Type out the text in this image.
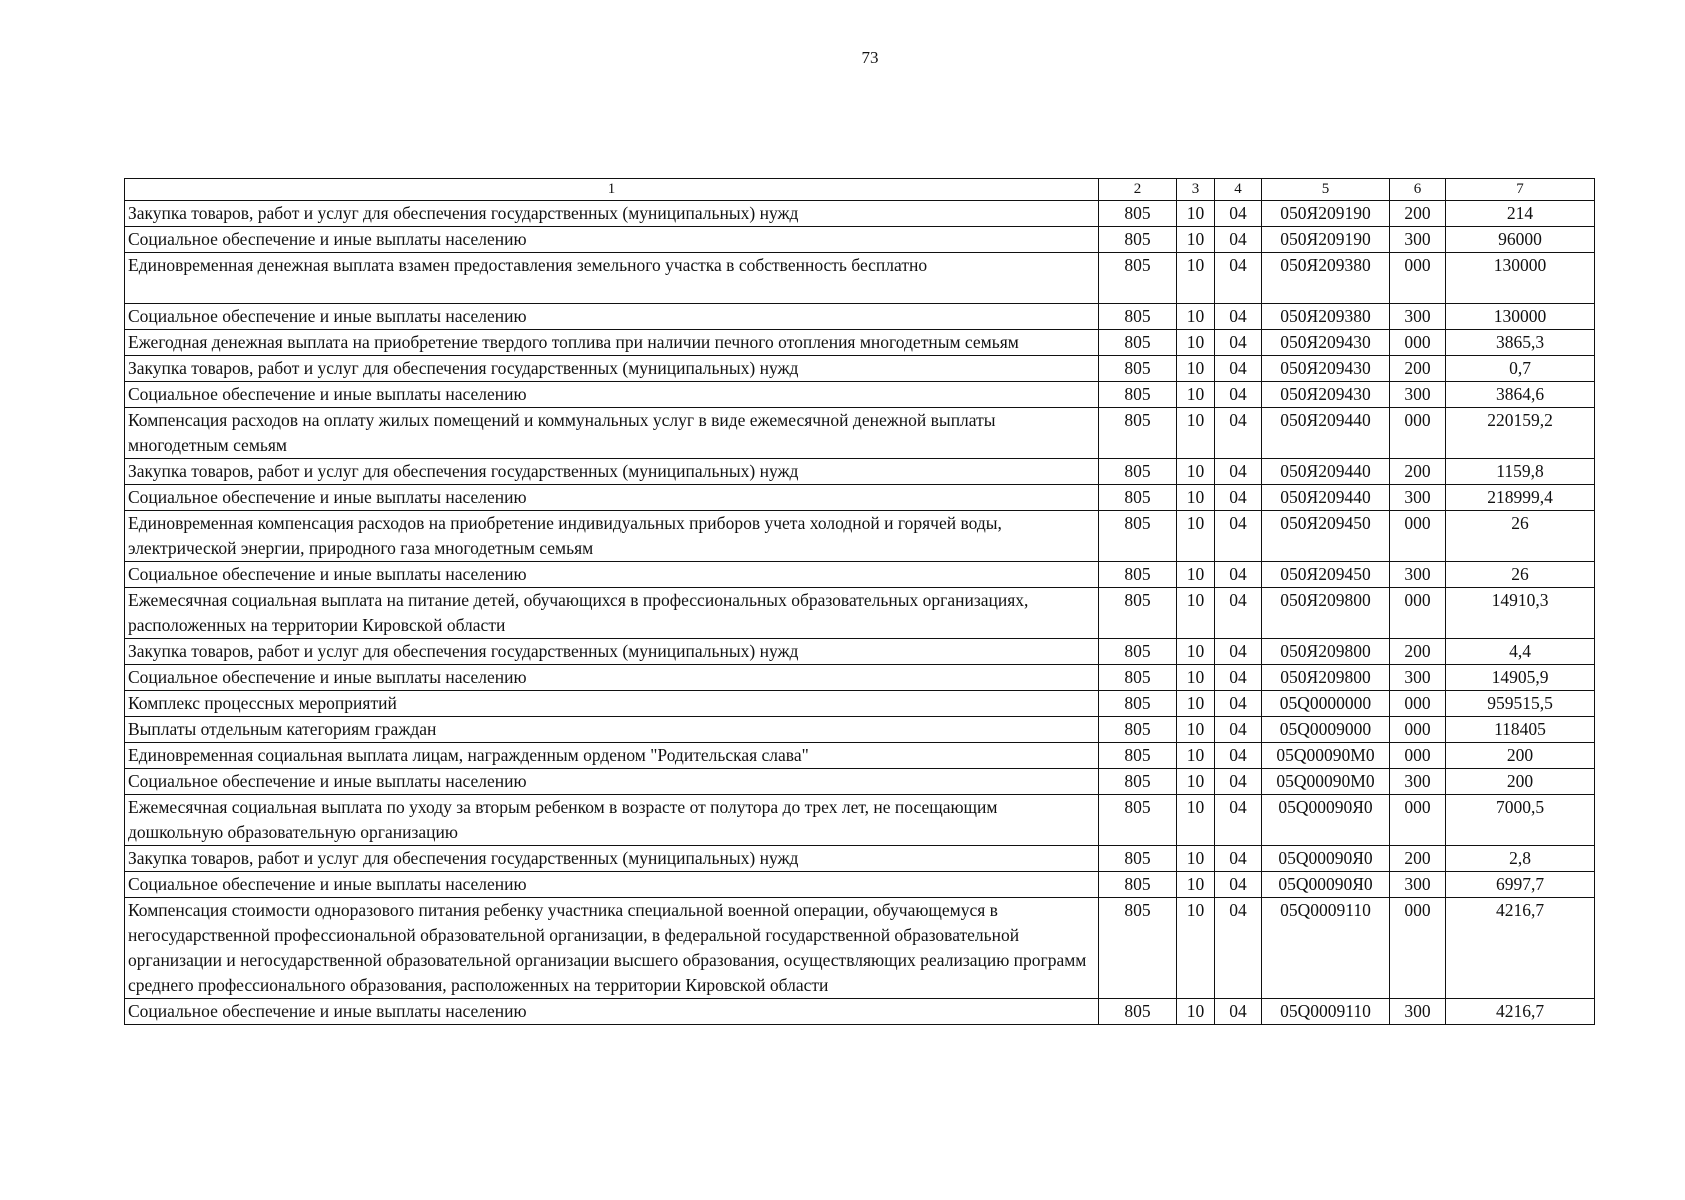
73
1	2	3	4	5	6	7
Закупка товаров, работ и услуг для обеспечения государственных (муниципальных) нужд	805	10	04	050Я209190	200	214
Социальное обеспечение и иные выплаты населению	805	10	04	050Я209190	300	96000
Единовременная денежная выплата взамен предоставления земельного участка в собственность бесплатно	805	10	04	050Я209380	000	130000
Социальное обеспечение и иные выплаты населению	805	10	04	050Я209380	300	130000
Ежегодная денежная выплата на приобретение твердого топлива при наличии печного отопления многодетным семьям	805	10	04	050Я209430	000	3865,3
Закупка товаров, работ и услуг для обеспечения государственных (муниципальных) нужд	805	10	04	050Я209430	200	0,7
Социальное обеспечение и иные выплаты населению	805	10	04	050Я209430	300	3864,6
Компенсация расходов на оплату жилых помещений и коммунальных услуг в виде ежемесячной денежной выплаты многодетным семьям	805	10	04	050Я209440	000	220159,2
Закупка товаров, работ и услуг для обеспечения государственных (муниципальных) нужд	805	10	04	050Я209440	200	1159,8
Социальное обеспечение и иные выплаты населению	805	10	04	050Я209440	300	218999,4
Единовременная компенсация расходов на приобретение индивидуальных приборов учета холодной и горячей воды, электрической энергии, природного газа многодетным семьям	805	10	04	050Я209450	000	26
Социальное обеспечение и иные выплаты населению	805	10	04	050Я209450	300	26
Ежемесячная социальная выплата на питание детей, обучающихся в профессиональных образовательных организациях, расположенных на территории Кировской области	805	10	04	050Я209800	000	14910,3
Закупка товаров, работ и услуг для обеспечения государственных (муниципальных) нужд	805	10	04	050Я209800	200	4,4
Социальное обеспечение и иные выплаты населению	805	10	04	050Я209800	300	14905,9
Комплекс процессных мероприятий	805	10	04	05Q0000000	000	959515,5
Выплаты отдельным категориям граждан	805	10	04	05Q0009000	000	118405
Единовременная социальная выплата лицам, награжденным орденом "Родительская слава"	805	10	04	05Q00090М0	000	200
Социальное обеспечение и иные выплаты населению	805	10	04	05Q00090М0	300	200
Ежемесячная социальная выплата по уходу за вторым ребенком в возрасте от полутора до трех лет, не посещающим дошкольную образовательную организацию	805	10	04	05Q00090Я0	000	7000,5
Закупка товаров, работ и услуг для обеспечения государственных (муниципальных) нужд	805	10	04	05Q00090Я0	200	2,8
Социальное обеспечение и иные выплаты населению	805	10	04	05Q00090Я0	300	6997,7
Компенсация стоимости одноразового питания ребенку участника специальной военной операции, обучающемуся в негосударственной профессиональной образовательной организации, в федеральной государственной образовательной организации и негосударственной образовательной организации высшего образования, осуществляющих реализацию программ среднего профессионального образования, расположенных на территории Кировской области	805	10	04	05Q0009110	000	4216,7
Социальное обеспечение и иные выплаты населению	805	10	04	05Q0009110	300	4216,7
